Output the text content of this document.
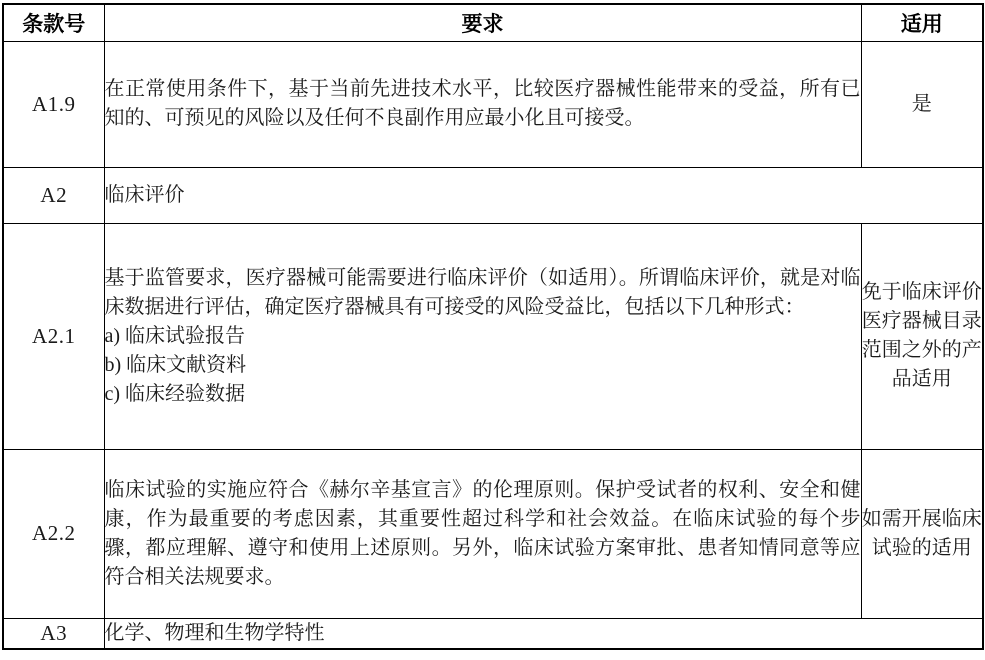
条款号	要求	适用
A1.9	在正常使用条件下，基于当前先进技术水平，比较医疗器械性能带来的受益，所有已知的、可预见的风险以及任何不良副作用应最小化且可接受。	是
A2	临床评价	
A2.1	基于监管要求，医疗器械可能需要进行临床评价（如适用）。所谓临床评价，就是对临床数据进行评估，确定医疗器械具有可接受的风险受益比，包括以下几种形式：
a) 临床试验报告
b) 临床文献资料
c) 临床经验数据	免于临床评价医疗器械目录范围之外的产品适用
A2.2	临床试验的实施应符合《赫尔辛基宣言》的伦理原则。保护受试者的权利、安全和健康，作为最重要的考虑因素，其重要性超过科学和社会效益。在临床试验的每个步骤，都应理解、遵守和使用上述原则。另外，临床试验方案审批、患者知情同意等应符合相关法规要求。	如需开展临床试验的适用
A3	化学、物理和生物学特性	
